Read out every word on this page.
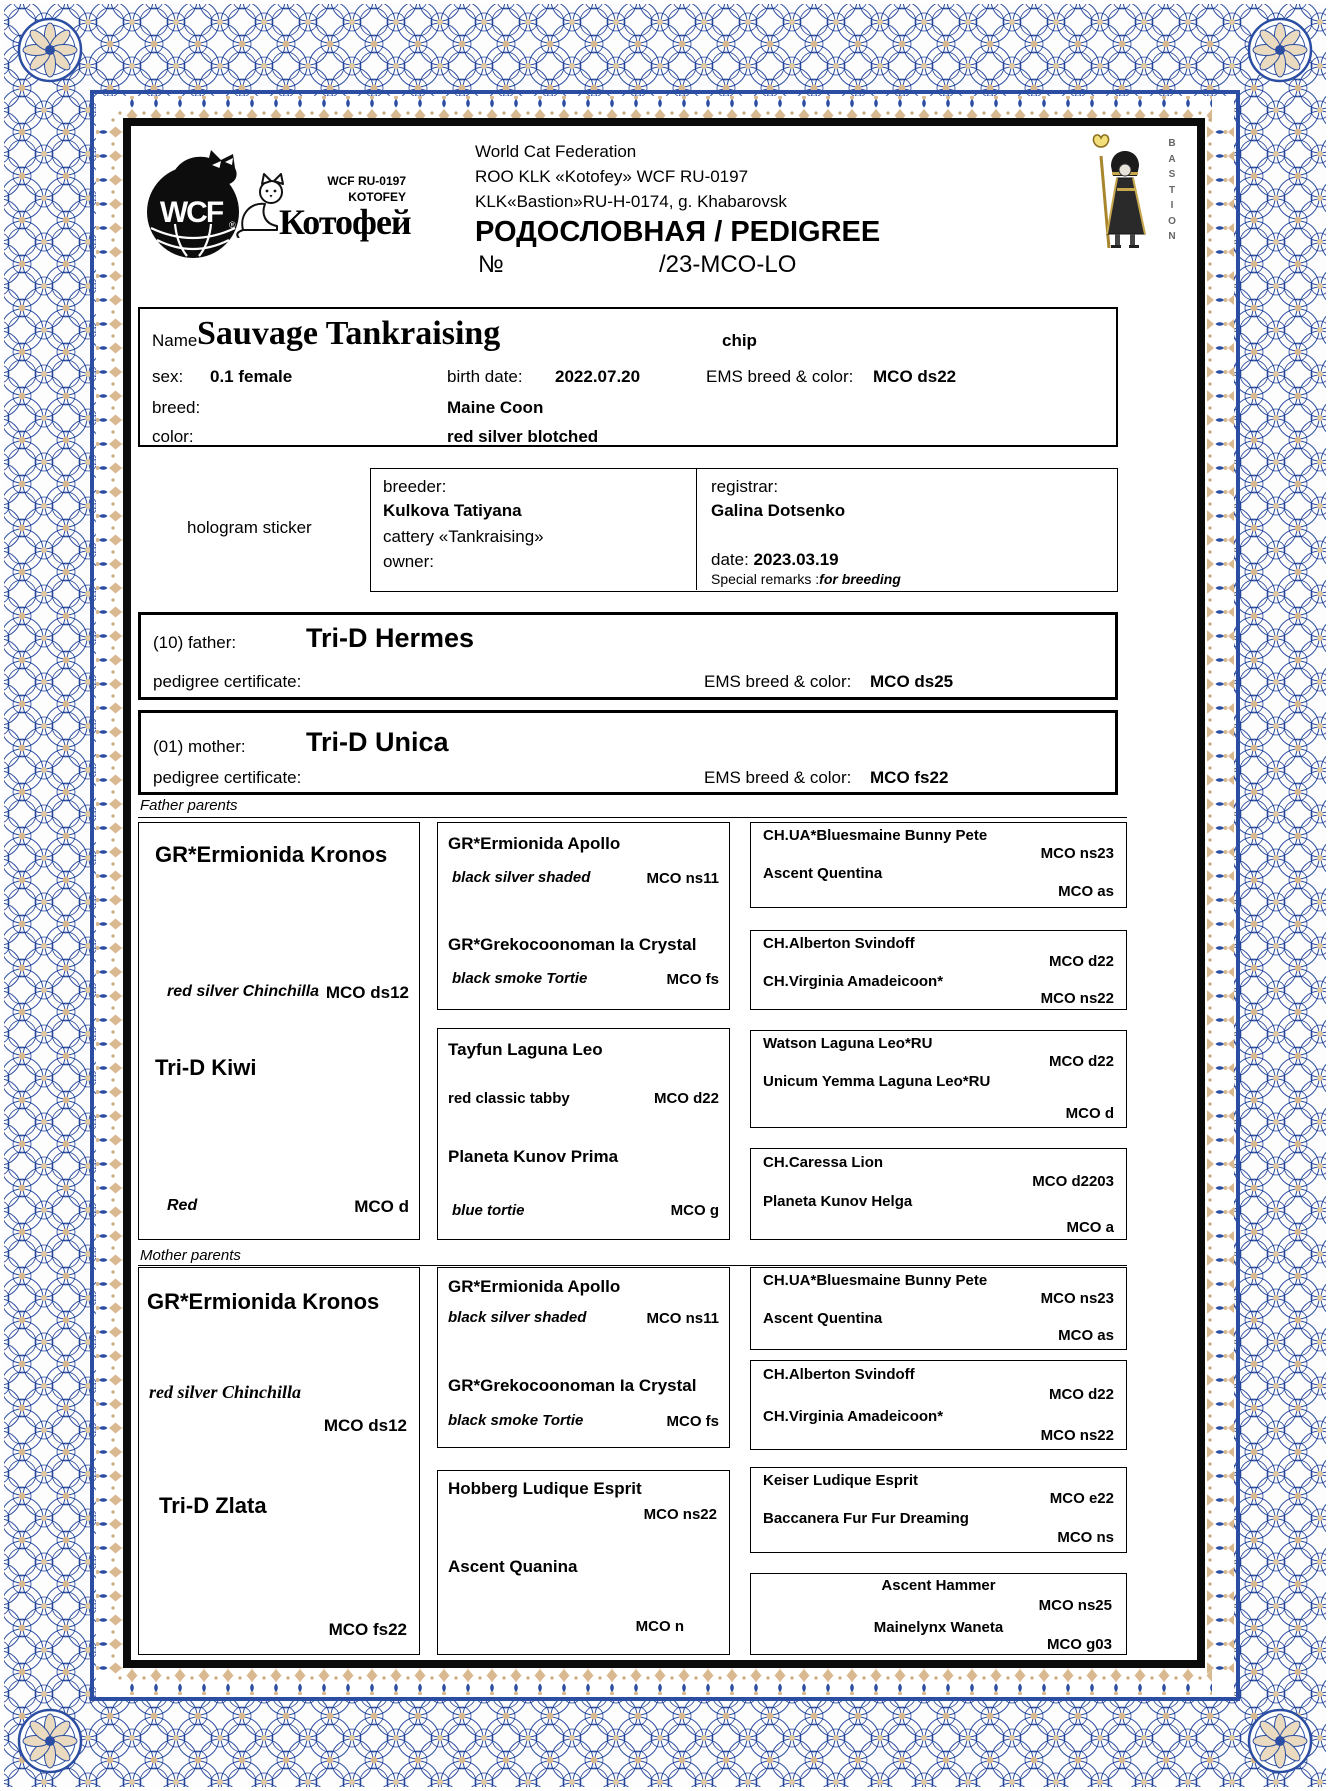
WCF ® Котофей
WCF RU-0197
KOTOFEY
World Cat Federation
ROO KLK «Kotofey» WCF RU-0197
KLK«Bastion»RU-H-0174, g. Khabarovsk
РОДОСЛОВНАЯ / PEDIGREE
№	/23-MCO-LO
B
A
S
T
I
O
N
Name Sauvage Tankraising	chip
sex: 0.1 female	birth date: 2022.07.20	EMS breed & color: MCO ds22
breed:	Maine Coon
color:	red silver blotched
hologram sticker
breeder:
Kulkova Tatiyana
cattery «Tankraising»
owner:
registrar:
Galina Dotsenko
date: 2023.03.19
Special remarks :for breeding
(10) father:	Tri-D Hermes
pedigree certificate:	EMS breed & color: MCO ds25
(01) mother: Tri-D Unica
pedigree certificate:	EMS breed & color: MCO fs22
Father parents
GR*Ermionida Kronos
red silver Chinchilla MCO ds12
Tri-D Kiwi
Red	MCO d
GR*Ermionida Apollo
black silver shaded	MCO ns11
GR*Grekocoonoman Ia Crystal
black smoke Tortie	MCO fs
Tayfun Laguna Leo
red classic tabby	MCO d22
Planeta Kunov Prima
blue tortie	MCO g
CH.UA*Bluesmaine Bunny Pete
MCO ns23
Ascent Quentina
MCO as
CH.Alberton Svindoff
MCO d22
CH.Virginia Amadeicoon*
MCO ns22
Watson Laguna Leo*RU
MCO d22
Unicum Yemma Laguna Leo*RU
MCO d
CH.Caressa Lion
MCO d2203
Planeta Kunov Helga
MCO a
Mother parents
GR*Ermionida Kronos
red silver Chinchilla
MCO ds12
Tri-D Zlata
MCO fs22
GR*Ermionida Apollo
black silver shaded	MCO ns11
GR*Grekocoonoman Ia Crystal
black smoke Tortie	MCO fs
Hobberg Ludique Esprit
MCO ns22
Ascent Quanina
MCO n
CH.UA*Bluesmaine Bunny Pete
MCO ns23
Ascent Quentina
MCO as
CH.Alberton Svindoff
MCO d22
CH.Virginia Amadeicoon*
MCO ns22
Keiser Ludique Esprit
MCO e22
Baccanera Fur Fur Dreaming
MCO ns
Ascent Hammer
MCO ns25
Mainelynx Waneta
MCO g03
